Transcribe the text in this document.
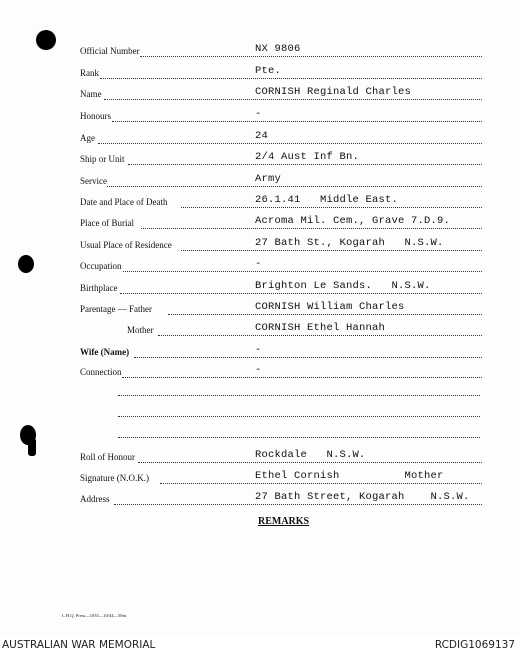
Official Number	NX 9806
Rank	Pte.
Name	CORNISH Reginald Charles
Honours	-
Age	24
Ship or Unit	2/4 Aust Inf Bn.
Service	Army
Date and Place of Death	26.1.41   Middle East.
Place of Burial	Acroma Mil. Cem., Grave 7.D.9.
Usual Place of Residence	27 Bath St., Kogarah   N.S.W.
Occupation	-
Birthplace	Brighton Le Sands.   N.S.W.
Parentage — Father	CORNISH William Charles
Mother	CORNISH Ethel Hannah
Wife (Name)	-
Connection	-
Roll of Honour	Rockdale   N.S.W.
Signature (N.O.K.)	Ethel Cornish          Mother
Address	27 Bath Street, Kogarah    N.S.W.
REMARKS
L.H.Q. Press—1035—10/44—50m.
AUSTRALIAN WAR MEMORIAL	RCDIG1069137
